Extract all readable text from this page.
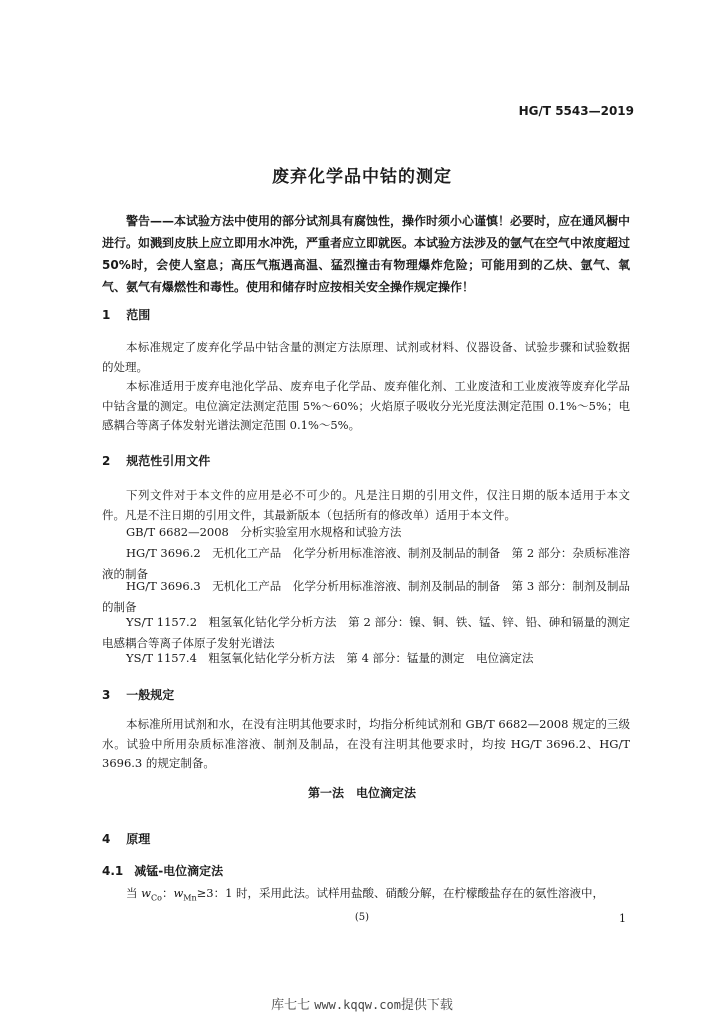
HG/T 5543—2019
废弃化学品中钴的测定
警告——本试验方法中使用的部分试剂具有腐蚀性，操作时须小心谨慎！必要时，应在通风橱中进行。如溅到皮肤上应立即用水冲洗，严重者应立即就医。本试验方法涉及的氩气在空气中浓度超过50%时，会使人窒息；高压气瓶遇高温、猛烈撞击有物理爆炸危险；可能用到的乙炔、氩气、氧气、氨气有爆燃性和毒性。使用和储存时应按相关安全操作规定操作！
1 范围
本标准规定了废弃化学品中钴含量的测定方法原理、试剂或材料、仪器设备、试验步骤和试验数据的处理。
本标准适用于废弃电池化学品、废弃电子化学品、废弃催化剂、工业废渣和工业废液等废弃化学品中钴含量的测定。电位滴定法测定范围 5%～60%；火焰原子吸收分光光度法测定范围 0.1%～5%；电感耦合等离子体发射光谱法测定范围 0.1%～5%。
2 规范性引用文件
下列文件对于本文件的应用是必不可少的。凡是注日期的引用文件，仅注日期的版本适用于本文件。凡是不注日期的引用文件，其最新版本（包括所有的修改单）适用于本文件。
GB/T 6682—2008　分析实验室用水规格和试验方法
HG/T 3696.2　无机化工产品　化学分析用标准溶液、制剂及制品的制备　第 2 部分：杂质标准溶液的制备
HG/T 3696.3　无机化工产品　化学分析用标准溶液、制剂及制品的制备　第 3 部分：制剂及制品的制备
YS/T 1157.2　粗氢氧化钴化学分析方法　第 2 部分：镍、铜、铁、锰、锌、铅、砷和镉量的测定　电感耦合等离子体原子发射光谱法
YS/T 1157.4　粗氢氧化钴化学分析方法　第 4 部分：锰量的测定　电位滴定法
3 一般规定
本标准所用试剂和水，在没有注明其他要求时，均指分析纯试剂和 GB/T 6682—2008 规定的三级水。试验中所用杂质标准溶液、制剂及制品，在没有注明其他要求时，均按 HG/T 3696.2、HG/T 3696.3 的规定制备。
第一法　电位滴定法
4 原理
4.1 减锰-电位滴定法
当 $w_{Co}$：$w_{Mn}\ge 3$：1 时，采用此法。试样用盐酸、硝酸分解，在柠檬酸盐存在的氨性溶液中，
(5)	1
库七七 www.kqqw.com提供下载
